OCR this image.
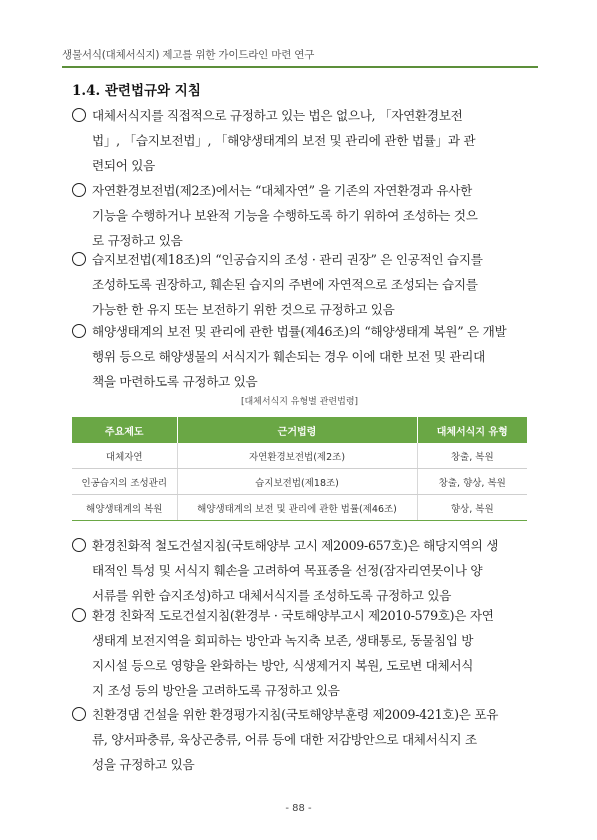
생물서식(대체서식지) 제고를 위한 가이드라인 마련 연구
1.4. 관련법규와 지침
대체서식지를 직접적으로 규정하고 있는 법은 없으나, 「자연환경보전
법」, 「습지보전법」, 「해양생태계의 보전 및 관리에 관한 법률」과 관
련되어 있음
자연환경보전법(제2조)에서는 “대체자연” 을 기존의 자연환경과 유사한
기능을 수행하거나 보완적 기능을 수행하도록 하기 위하여 조성하는 것으
로 규정하고 있음
습지보전법(제18조)의 “인공습지의 조성 · 관리 권장” 은 인공적인 습지를
조성하도록 권장하고, 훼손된 습지의 주변에 자연적으로 조성되는 습지를
가능한 한 유지 또는 보전하기 위한 것으로 규정하고 있음
해양생태계의 보전 및 관리에 관한 법률(제46조)의 “해양생태계 복원” 은 개발
행위 등으로 해양생물의 서식지가 훼손되는 경우 이에 대한 보전 및 관리대
책을 마련하도록 규정하고 있음
[대체서식지 유형별 관련법령]
주요제도	근거법령	대체서식지 유형
대체자연	자연환경보전법(제2조)	창출, 복원
인공습지의 조성관리	습지보전법(제18조)	창출, 향상, 복원
해양생태계의 복원	해양생태계의 보전 및 관리에 관한 법률(제46조)	향상, 복원
환경친화적 철도건설지침(국토해양부 고시 제2009-657호)은 해당지역의 생
태적인 특성 및 서식지 훼손을 고려하여 목표종을 선정(잠자리연못이나 양
서류를 위한 습지조성)하고 대체서식지를 조성하도록 규정하고 있음
환경 친화적 도로건설지침(환경부 · 국토해양부고시 제2010-579호)은 자연
생태계 보전지역을 회피하는 방안과 녹지축 보존, 생태통로, 동물침입 방
지시설 등으로 영향을 완화하는 방안, 식생제거지 복원, 도로변 대체서식
지 조성 등의 방안을 고려하도록 규정하고 있음
친환경댐 건설을 위한 환경평가지침(국토해양부훈령 제2009-421호)은 포유
류, 양서파충류, 육상곤충류, 어류 등에 대한 저감방안으로 대체서식지 조
성을 규정하고 있음
- 88 -
